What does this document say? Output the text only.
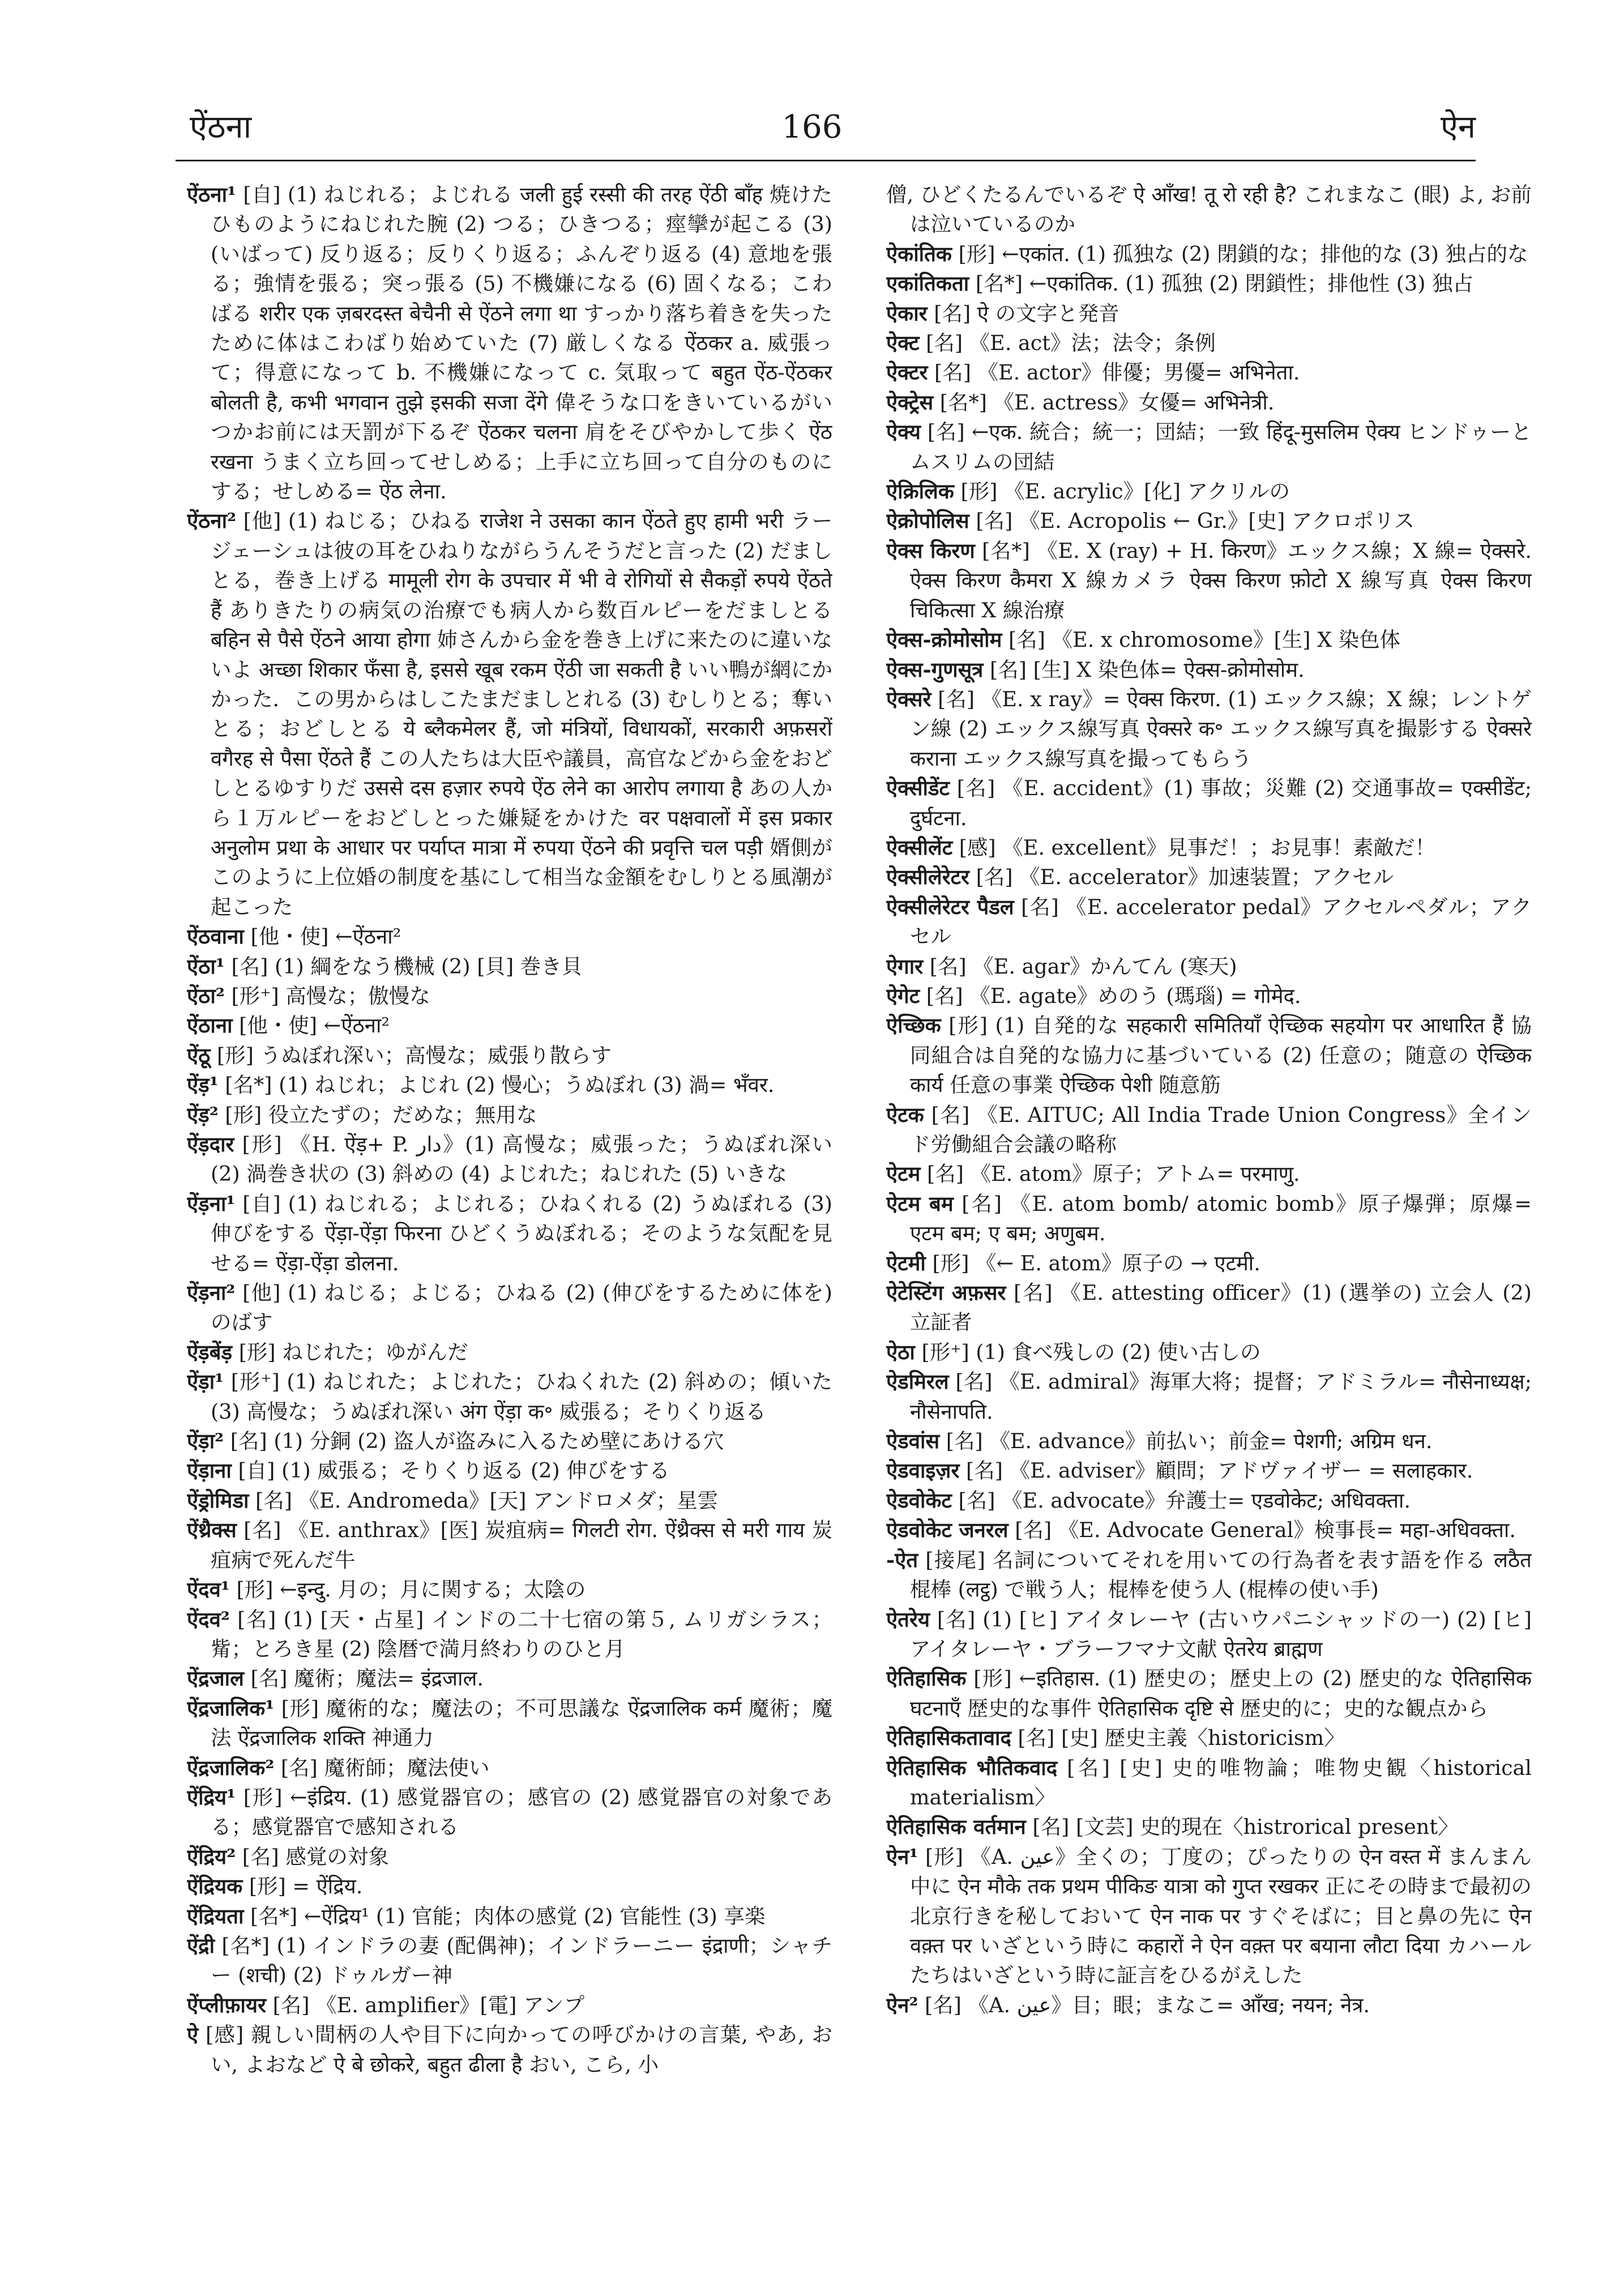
ऐंठना	166	ऐन

ऐंठना¹ [自] (1) ねじれる；よじれる जली हुई रस्सी की तरह ऐंठी बाँह 焼けたひものようにねじれた腕 (2) つる；ひきつる；痙攣が起こる (3) (いばって) 反り返る；反りくり返る；ふんぞり返る (4) 意地を張る；強情を張る；突っ張る (5) 不機嫌になる (6) 固くなる；こわばる शरीर एक ज़बरदस्त बेचैनी से ऐंठने लगा था すっかり落ち着きを失ったために体はこわばり始めていた (7) 厳しくなる ऐंठकर a. 威張って；得意になって b. 不機嫌になって c. 気取って बहुत ऐंठ-ऐंठकर बोलती है, कभी भगवान तुझे इसकी सजा देंगे 偉そうな口をきいているがいつかお前には天罰が下るぞ ऐंठकर चलना 肩をそびやかして歩く ऐंठ रखना うまく立ち回ってせしめる；上手に立ち回って自分のものにする；せしめる= ऐंठ लेना.

ऐंठना² [他] (1) ねじる；ひねる राजेश ने उसका कान ऐंठते हुए हामी भरी ラージェーシュは彼の耳をひねりながらうんそうだと言った (2) だましとる，巻き上げる मामूली रोग के उपचार में भी वे रोगियों से सैकड़ों रुपये ऐंठते हैं ありきたりの病気の治療でも病人から数百ルピーをだましとる बहिन से पैसे ऐंठने आया होगा 姉さんから金を巻き上げに来たのに違いないよ अच्छा शिकार फँसा है, इससे खूब रकम ऐंठी जा सकती है いい鴨が網にかかった．この男からはしこたまだましとれる (3) むしりとる；奪いとる；おどしとる ये ब्लैकमेलर हैं, जो मंत्रियों, विधायकों, सरकारी अफ़सरों वगैरह से पैसा ऐंठते हैं この人たちは大臣や議員，高官などから金をおどしとるゆすりだ उससे दस हज़ार रुपये ऐंठ लेने का आरोप लगाया है あの人から１万ルピーをおどしとった嫌疑をかけた वर पक्षवालों में इस प्रकार अनुलोम प्रथा के आधार पर पर्याप्त मात्रा में रुपया ऐंठने की प्रवृत्ति चल पड़ी 婿側がこのように上位婚の制度を基にして相当な金額をむしりとる風潮が起こった

ऐंठवाना [他・使] ←ऐंठना²

ऐंठा¹ [名] (1) 綱をなう機械 (2) [貝] 巻き貝

ऐंठा² [形⁺] 高慢な；傲慢な

ऐंठाना [他・使] ←ऐंठना²

ऐंठू [形] うぬぼれ深い；高慢な；威張り散らす

ऐंड़¹ [名*] (1) ねじれ；よじれ (2) 慢心；うぬぼれ (3) 渦= भँवर.

ऐंड़² [形] 役立たずの；だめな；無用な

ऐंड़दार [形] 《H. ऐंड़+ P. دار》(1) 高慢な；威張った；うぬぼれ深い (2) 渦巻き状の (3) 斜めの (4) よじれた；ねじれた (5) いきな

ऐंड़ना¹ [自] (1) ねじれる；よじれる；ひねくれる (2) うぬぼれる (3) 伸びをする ऐंड़ा-ऐंड़ा फिरना ひどくうぬぼれる；そのような気配を見せる= ऐंड़ा-ऐंड़ा डोलना.

ऐंड़ना² [他] (1) ねじる；よじる；ひねる (2) (伸びをするために体を) のばす

ऐंड़बेंड़ [形] ねじれた；ゆがんだ

ऐंड़ा¹ [形⁺] (1) ねじれた；よじれた；ひねくれた (2) 斜めの；傾いた (3) 高慢な；うぬぼれ深い अंग ऐंड़ा क॰ 威張る；そりくり返る

ऐंड़ा² [名] (1) 分銅 (2) 盗人が盗みに入るため壁にあける穴

ऐंड़ाना [自] (1) 威張る；そりくり返る (2) 伸びをする

ऐंड्रोमिडा [名] 《E. Andromeda》[天] アンドロメダ；星雲

ऐंथ्रैक्स [名] 《E. anthrax》[医] 炭疽病= गिलटी रोग. ऐंथ्रैक्स से मरी गाय 炭疽病で死んだ牛

ऐंदव¹ [形] ←इन्दु. 月の；月に関する；太陰の

ऐंदव² [名] (1) [天・占星] インドの二十七宿の第５, ムリガシラス；觜；とろき星 (2) 陰暦で満月終わりのひと月

ऐंद्रजाल [名] 魔術；魔法= इंद्रजाल.

ऐंद्रजालिक¹ [形] 魔術的な；魔法の；不可思議な ऐंद्रजालिक कर्म 魔術；魔法 ऐंद्रजालिक शक्ति 神通力

ऐंद्रजालिक² [名] 魔術師；魔法使い

ऐंद्रिय¹ [形] ←इंद्रिय. (1) 感覚器官の；感官の (2) 感覚器官の対象である；感覚器官で感知される

ऐंद्रिय² [名] 感覚の対象

ऐंद्रियक [形] = ऐंद्रिय.

ऐंद्रियता [名*] ←ऐंद्रिय¹ (1) 官能；肉体の感覚 (2) 官能性 (3) 享楽

ऐंद्री [名*] (1) インドラの妻 (配偶神)；インドラーニー इंद्राणी；シャチー (शची) (2) ドゥルガー神

ऐंप्लीफ़ायर [名] 《E. amplifier》[電] アンプ

ऐ [感] 親しい間柄の人や目下に向かっての呼びかけの言葉, やあ, おい, よおなど ऐ बे छोकरे, बहुत ढीला है おい, こら, 小

僧, ひどくたるんでいるぞ ऐ आँख! तू रो रही है? これまなこ (眼) よ, お前は泣いているのか

ऐकांतिक [形] ←एकांत. (1) 孤独な (2) 閉鎖的な；排他的な (3) 独占的な

एकांतिकता [名*] ←एकांतिक. (1) 孤独 (2) 閉鎖性；排他性 (3) 独占

ऐकार [名] ऐ の文字と発音

ऐक्ट [名] 《E. act》法；法令；条例

ऐक्टर [名] 《E. actor》俳優；男優= अभिनेता.

ऐक्ट्रेस [名*] 《E. actress》女優= अभिनेत्री.

ऐक्य [名] ←एक. 統合；統一；団結；一致 हिंदू-मुसलिम ऐक्य ヒンドゥーとムスリムの団結

ऐक्रिलिक [形] 《E. acrylic》[化] アクリルの

ऐक्रोपोलिस [名] 《E. Acropolis ← Gr.》[史] アクロポリス

ऐक्स किरण [名*] 《E. X (ray) + H. किरण》エックス線；X 線= ऐक्सरे. ऐक्स किरण कैमरा X 線カメラ ऐक्स किरण फ़ोटो X 線写真 ऐक्स किरण चिकित्सा X 線治療

ऐक्स-क्रोमोसोम [名] 《E. x chromosome》[生] X 染色体

ऐक्स-गुणसूत्र [名] [生] X 染色体= ऐक्स-क्रोमोसोम.

ऐक्सरे [名] 《E. x ray》= ऐक्स किरण. (1) エックス線；X 線；レントゲン線 (2) エックス線写真 ऐक्सरे क॰ エックス線写真を撮影する ऐक्सरे कराना エックス線写真を撮ってもらう

ऐक्सीडेंट [名] 《E. accident》(1) 事故；災難 (2) 交通事故= एक्सीडेंट; दुर्घटना.

ऐक्सीलेंट [感] 《E. excellent》見事だ！；お見事！素敵だ！

ऐक्सीलेरेटर [名] 《E. accelerator》加速装置；アクセル

ऐक्सीलेरेटर पैडल [名] 《E. accelerator pedal》アクセルペダル；アクセル

ऐगार [名] 《E. agar》かんてん (寒天)

ऐगेट [名] 《E. agate》めのう (瑪瑙) = गोमेद.

ऐच्छिक [形] (1) 自発的な सहकारी समितियाँ ऐच्छिक सहयोग पर आधारित हैं 協同組合は自発的な協力に基づいている (2) 任意の；随意の ऐच्छिक कार्य 任意の事業 ऐच्छिक पेशी 随意筋

ऐटक [名] 《E. AITUC; All India Trade Union Congress》全インド労働組合会議の略称

ऐटम [名] 《E. atom》原子；アトム= परमाणु.

ऐटम बम [名] 《E. atom bomb/ atomic bomb》原子爆弾；原爆= एटम बम; ए बम; अणुबम.

ऐटमी [形] 《← E. atom》原子の → एटमी.

ऐटेस्टिंग अफ़सर [名] 《E. attesting officer》(1) (選挙の) 立会人 (2) 立証者

ऐठा [形⁺] (1) 食べ残しの (2) 使い古しの

ऐडमिरल [名] 《E. admiral》海軍大将；提督；アドミラル= नौसेनाध्यक्ष; नौसेनापति.

ऐडवांस [名] 《E. advance》前払い；前金= पेशगी; अग्रिम धन.

ऐडवाइज़र [名] 《E. adviser》顧問；アドヴァイザー = सलाहकार.

ऐडवोकेट [名] 《E. advocate》弁護士= एडवोकेट; अधिवक्ता.

ऐडवोकेट जनरल [名] 《E. Advocate General》検事長= महा-अधिवक्ता.

-ऐत [接尾] 名詞についてそれを用いての行為者を表す語を作る लठैत 棍棒 (लट्ठ) で戦う人；棍棒を使う人 (棍棒の使い手)

ऐतरेय [名] (1) [ヒ] アイタレーヤ (古いウパニシャッドの一) (2) [ヒ] アイタレーヤ・ブラーフマナ文献 ऐतरेय ब्राह्मण

ऐतिहासिक [形] ←इतिहास. (1) 歴史の；歴史上の (2) 歴史的な ऐतिहासिक घटनाएँ 歴史的な事件 ऐतिहासिक दृष्टि से 歴史的に；史的な観点から

ऐतिहासिकतावाद [名] [史] 歴史主義〈historicism〉

ऐतिहासिक भौतिकवाद [名] [史] 史的唯物論；唯物史観〈historical materialism〉

ऐतिहासिक वर्तमान [名] [文芸] 史的現在〈histrorical present〉

ऐन¹ [形] 《A. عين》全くの；丁度の；ぴったりの ऐन वस्त में まんまん中に ऐन मौके तक प्रथम पीकिङ यात्रा को गुप्त रखकर 正にその時まで最初の北京行きを秘しておいて ऐन नाक पर すぐそばに；目と鼻の先に ऐन वक़्त पर いざという時に कहारों ने ऐन वक़्त पर बयाना लौटा दिया カハールたちはいざという時に証言をひるがえした

ऐन² [名] 《A. عين》目；眼；まなこ= आँख; नयन; नेत्र.
